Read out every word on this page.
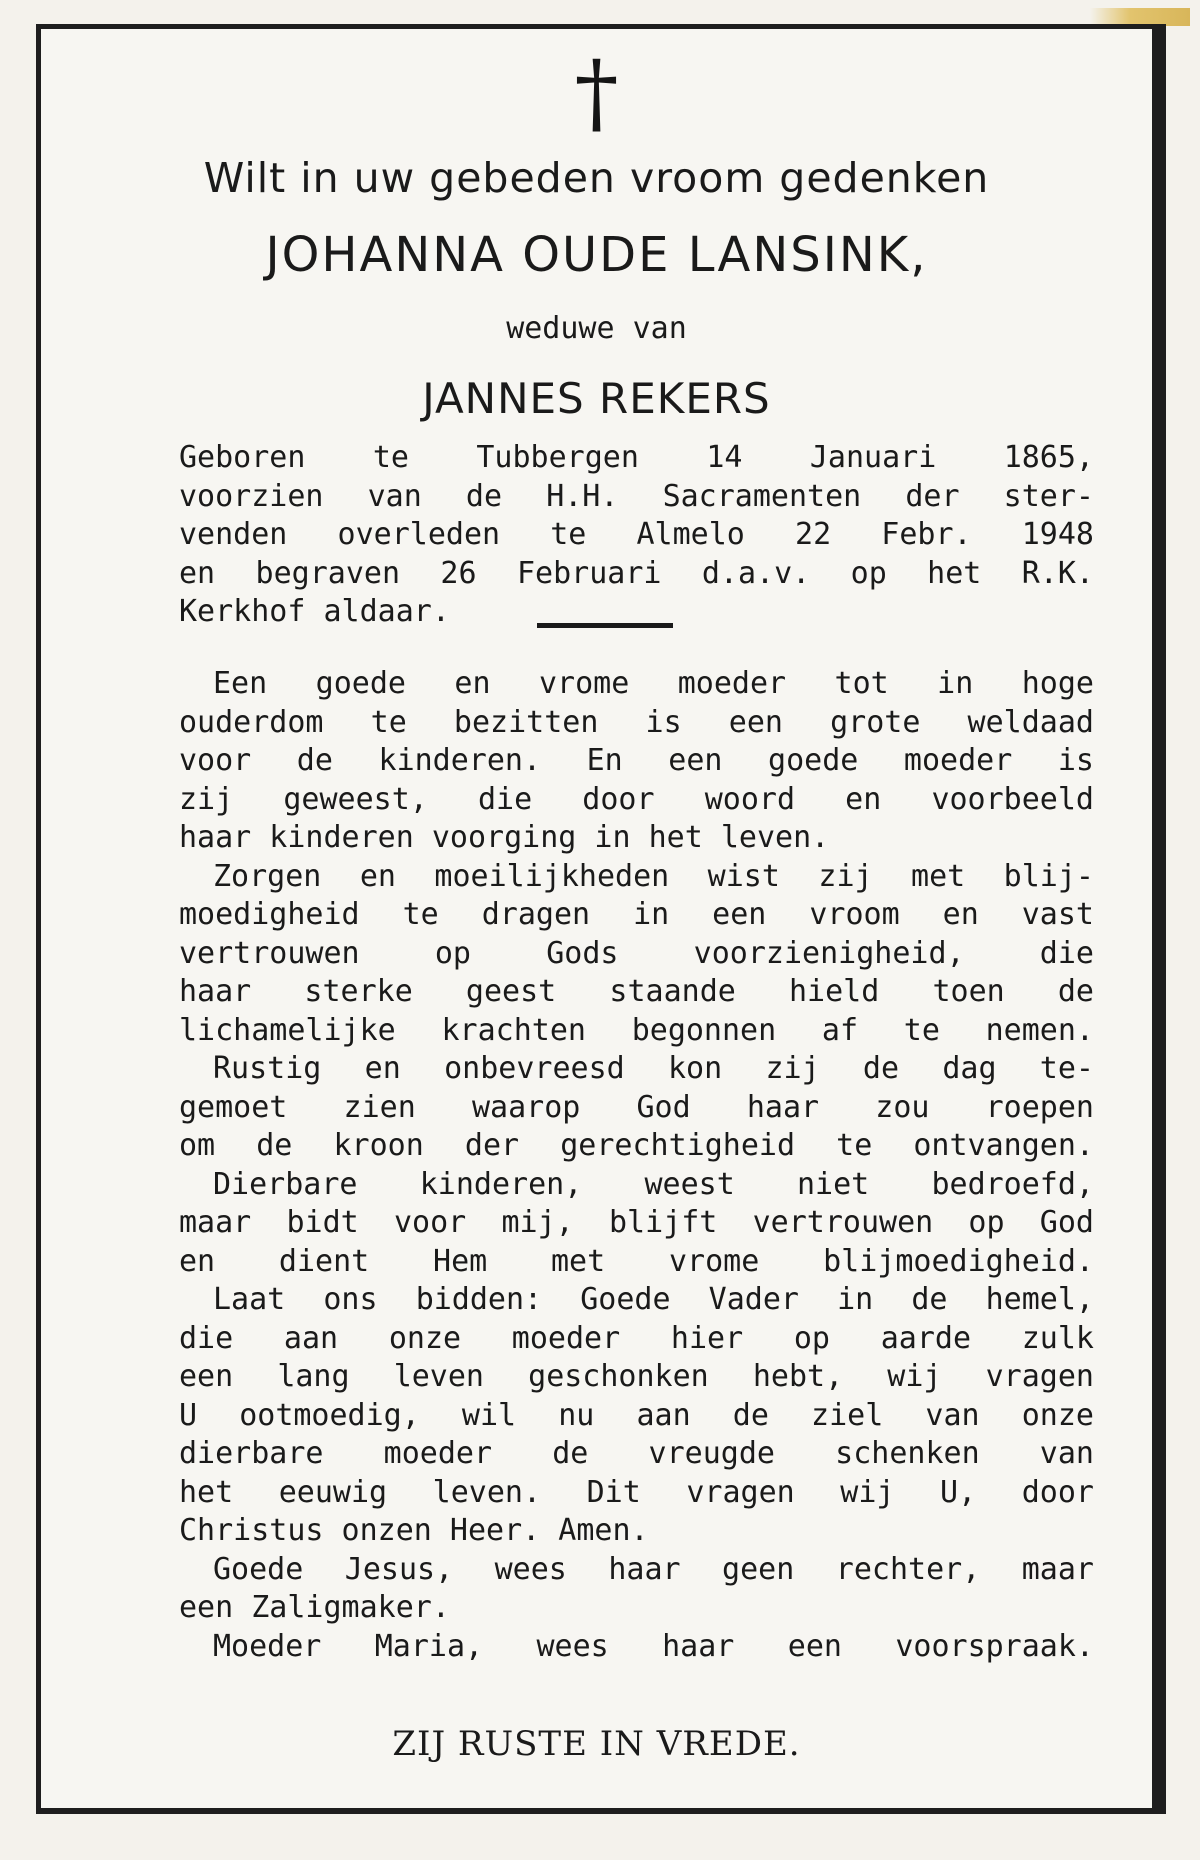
†
Wilt in uw gebeden vroom gedenken
JOHANNA OUDE LANSINK,
weduwe van
JANNES REKERS
Geboren te Tubbergen 14 Januari 1865,
voorzien van de H.H. Sacramenten der ster-
venden overleden te Almelo 22 Febr. 1948
en begraven 26 Februari d.a.v. op het R.K.
Kerkhof aldaar.
Een goede en vrome moeder tot in hoge
ouderdom te bezitten is een grote weldaad
voor de kinderen. En een goede moeder is
zij geweest, die door woord en voorbeeld
haar kinderen voorging in het leven.
Zorgen en moeilijkheden wist zij met blij-
moedigheid te dragen in een vroom en vast
vertrouwen op Gods voorzienigheid, die
haar sterke geest staande hield toen de
lichamelijke krachten begonnen af te nemen.
Rustig en onbevreesd kon zij de dag te-
gemoet zien waarop God haar zou roepen
om de kroon der gerechtigheid te ontvangen.
Dierbare kinderen, weest niet bedroefd,
maar bidt voor mij, blijft vertrouwen op God
en dient Hem met vrome blijmoedigheid.
Laat ons bidden: Goede Vader in de hemel,
die aan onze moeder hier op aarde zulk
een lang leven geschonken hebt, wij vragen
U ootmoedig, wil nu aan de ziel van onze
dierbare moeder de vreugde schenken van
het eeuwig leven. Dit vragen wij U, door
Christus onzen Heer. Amen.
Goede Jesus, wees haar geen rechter, maar
een Zaligmaker.
Moeder Maria, wees haar een voorspraak.
ZIJ RUSTE IN VREDE.
